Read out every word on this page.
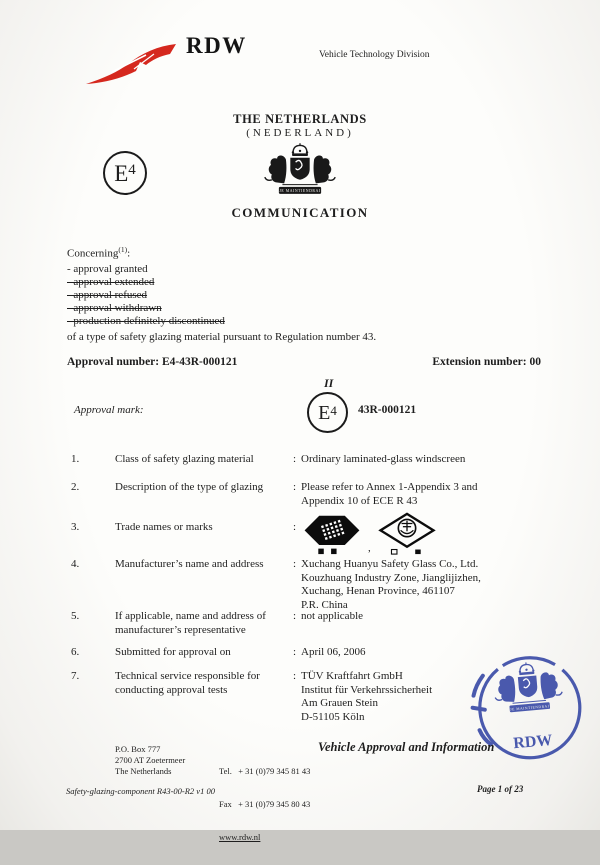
RDW	Vehicle Technology Division
THE NETHERLANDS
(NEDERLAND)
COMMUNICATION
E 4
Concerning$^{(1)}$:
- approval granted
- approval extended
- approval refused
- approval withdrawn
- production definitely discontinued
of a type of safety glazing material pursuant to Regulation number 43.
Approval number: E4-43R-000121	Extension number: 00
Approval mark:
II
E 4 43R-000121
1.	Class of safety glazing material	: Ordinary laminated-glass windscreen
2.	Description of the type of glazing	: Please refer to Annex 1-Appendix 3 and
Appendix 10 of ECE R 43
3.	Trade names or marks	:
,
4.	Manufacturer’s name and address	: Xuchang Huanyu Safety Glass Co., Ltd.
Kouzhuang Industry Zone, Jianglijizhen,
Xuchang, Henan Province, 461107
P.R. China
5.	If applicable, name and address of manufacturer’s representative
: not applicable
6.	Submitted for approval on	: April 06, 2006
7.	Technical service responsible for conducting approval tests
: TÜV Kraftfahrt GmbH
Institut für Verkehrssicherheit
Am Grauen Stein
D-51105 Köln
RDW
P.O. Box 777
2700 AT Zoetermeer
The Netherlands

	Tel.   + 31 (0)79 345 81 43

Fax   + 31 (0)79 345 80 43

www.rdw.nl

Vehicle Approval and Information
Safety-glazing-component R43-00-R2 v1 00	Page 1 of 23
